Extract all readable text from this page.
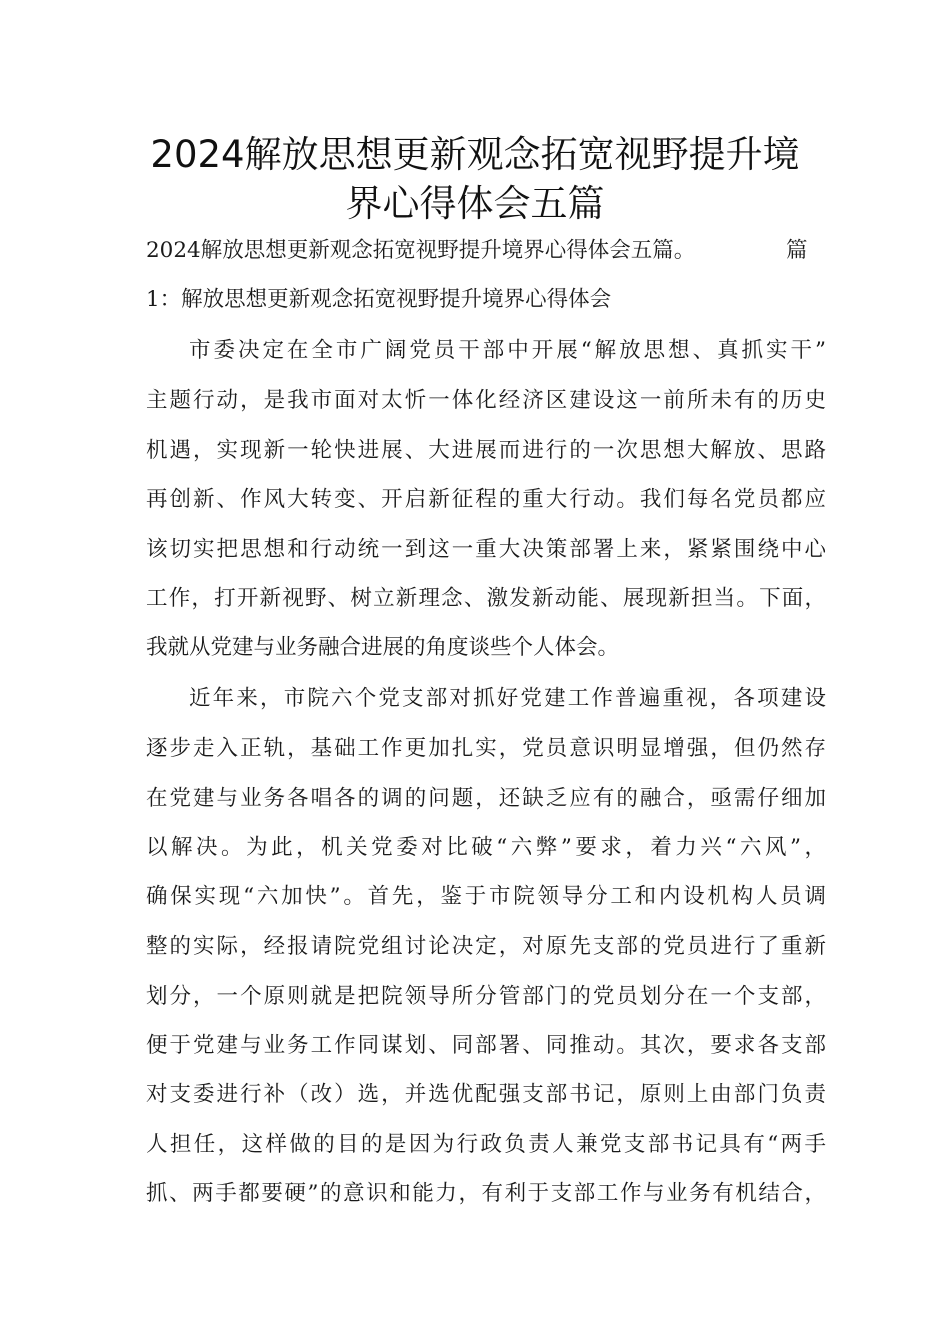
2024解放思想更新观念拓宽视野提升境
界心得体会五篇

2024解放思想更新观念拓宽视野提升境界心得体会五篇。	篇

1：解放思想更新观念拓宽视野提升境界心得体会

市委决定在全市广阔党员干部中开展“解放思想、真抓实干”

主题行动，是我市面对太忻一体化经济区建设这一前所未有的历史

机遇，实现新一轮快进展、大进展而进行的一次思想大解放、思路

再创新、作风大转变、开启新征程的重大行动。我们每名党员都应

该切实把思想和行动统一到这一重大决策部署上来，紧紧围绕中心

工作，打开新视野、树立新理念、激发新动能、展现新担当。下面，

我就从党建与业务融合进展的角度谈些个人体会。

近年来，市院六个党支部对抓好党建工作普遍重视，各项建设

逐步走入正轨，基础工作更加扎实，党员意识明显增强，但仍然存

在党建与业务各唱各的调的问题，还缺乏应有的融合，亟需仔细加

以解决。为此，机关党委对比破“六弊”要求，着力兴“六风”，

确保实现“六加快”。首先，鉴于市院领导分工和内设机构人员调

整的实际，经报请院党组讨论决定，对原先支部的党员进行了重新

划分，一个原则就是把院领导所分管部门的党员划分在一个支部，

便于党建与业务工作同谋划、同部署、同推动。其次，要求各支部

对支委进行补（改）选，并选优配强支部书记，原则上由部门负责

人担任，这样做的目的是因为行政负责人兼党支部书记具有“两手

抓、两手都要硬”的意识和能力，有利于支部工作与业务有机结合，
